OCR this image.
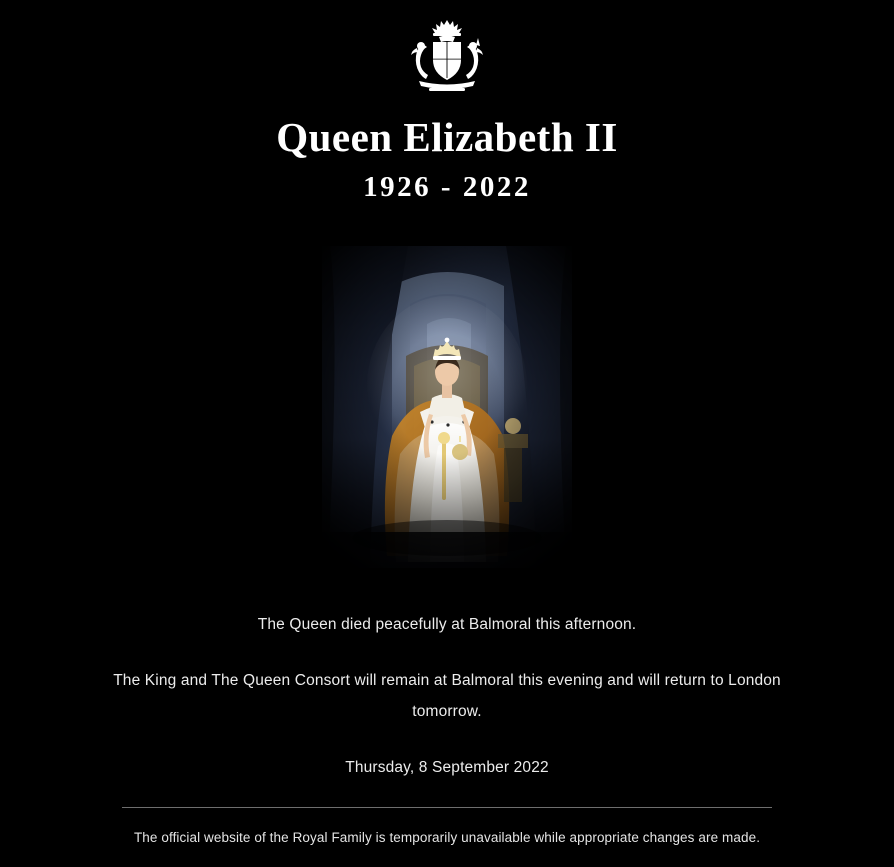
Queen Elizabeth II
1926 - 2022

The Queen died peacefully at Balmoral this afternoon.

The King and The Queen Consort will remain at Balmoral this evening and will return to London tomorrow.

Thursday, 8 September 2022

The official website of the Royal Family is temporarily unavailable while appropriate changes are made.
